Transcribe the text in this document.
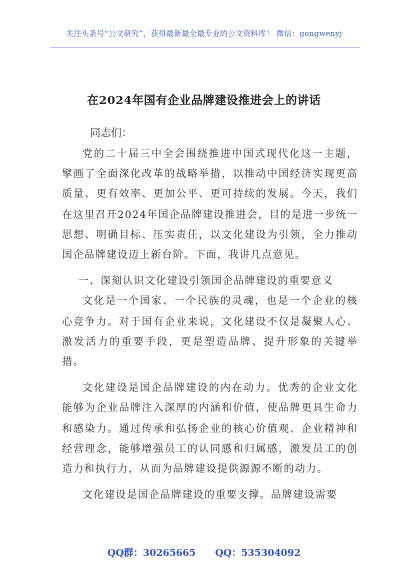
关注头条号“公文研究”，获得最新最全最专业的公文资料库！ 微信：gongwenyj
在2024年国有企业品牌建设推进会上的讲话
同志们：

党的二十届三中全会围绕推进中国式现代化这一主题，擘画了全面深化改革的战略举措，以推动中国经济实现更高质量、更有效率、更加公平、更可持续的发展。今天，我们在这里召开2024年国企品牌建设推进会，目的是进一步统一思想、明确目标、压实责任，以文化建设为引领，全力推动国企品牌建设迈上新台阶。下面，我讲几点意见。

一、深刻认识文化建设引领国企品牌建设的重要意义

文化是一个国家、一个民族的灵魂，也是一个企业的核心竞争力。对于国有企业来说，文化建设不仅是凝聚人心、激发活力的重要手段，更是塑造品牌、提升形象的关键举措。

文化建设是国企品牌建设的内在动力。优秀的企业文化能够为企业品牌注入深厚的内涵和价值，使品牌更具生命力和感染力。通过传承和弘扬企业的核心价值观、企业精神和经营理念，能够增强员工的认同感和归属感，激发员工的创造力和执行力，从而为品牌建设提供源源不断的动力。

文化建设是国企品牌建设的重要支撑。品牌建设需要

QQ群：30265665 QQ：535304092
